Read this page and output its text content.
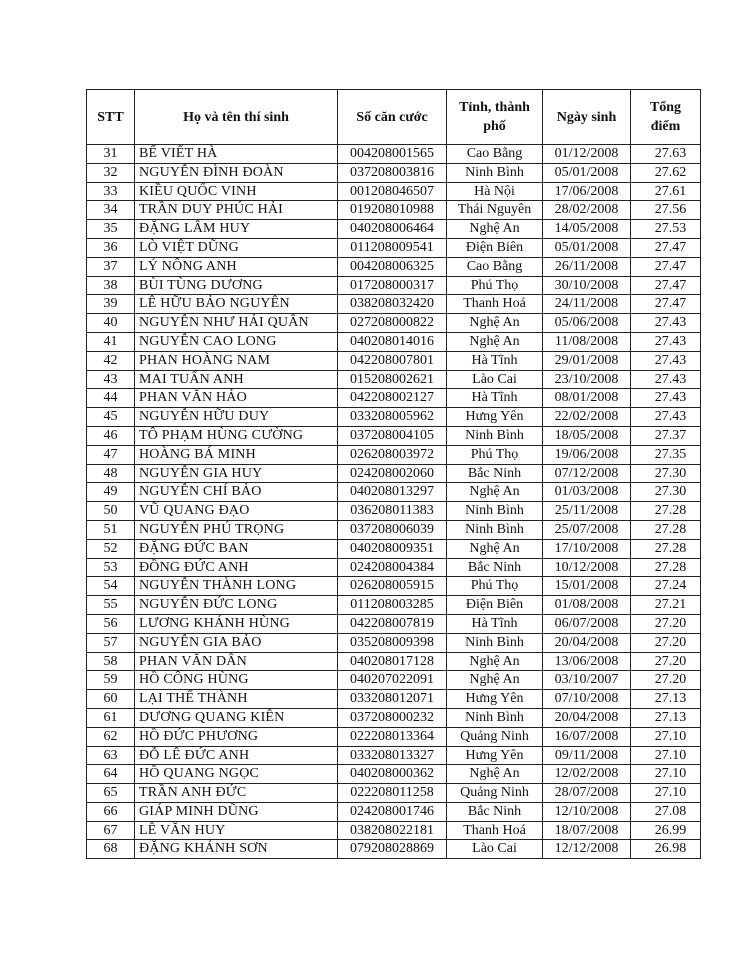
STT	Họ và tên thí sinh	Số căn cước	Tỉnh, thành phố	Ngày sinh	Tổng điểm
31	BẾ VIẾT HÀ	004208001565	Cao Bằng	01/12/2008	27.63
32	NGUYỄN ĐÌNH ĐOÀN	037208003816	Ninh Bình	05/01/2008	27.62
33	KIỀU QUỐC VINH	001208046507	Hà Nội	17/06/2008	27.61
34	TRẦN DUY PHÚC HẢI	019208010988	Thái Nguyên	28/02/2008	27.56
35	ĐẶNG LÂM HUY	040208006464	Nghệ An	14/05/2008	27.53
36	LÒ VIỆT DŨNG	011208009541	Điện Biên	05/01/2008	27.47
37	LÝ NÔNG ANH	004208006325	Cao Bằng	26/11/2008	27.47
38	BÙI TÙNG DƯƠNG	017208000317	Phú Thọ	30/10/2008	27.47
39	LÊ HỮU BẢO NGUYÊN	038208032420	Thanh Hoá	24/11/2008	27.47
40	NGUYỄN NHƯ HẢI QUÂN	027208000822	Nghệ An	05/06/2008	27.43
41	NGUYỄN CAO LONG	040208014016	Nghệ An	11/08/2008	27.43
42	PHAN HOÀNG NAM	042208007801	Hà Tĩnh	29/01/2008	27.43
43	MAI TUẤN ANH	015208002621	Lào Cai	23/10/2008	27.43
44	PHAN VĂN HẢO	042208002127	Hà Tĩnh	08/01/2008	27.43
45	NGUYỄN HỮU DUY	033208005962	Hưng Yên	22/02/2008	27.43
46	TÔ PHẠM HÙNG CƯỜNG	037208004105	Ninh Bình	18/05/2008	27.37
47	HOÀNG BÁ MINH	026208003972	Phú Thọ	19/06/2008	27.35
48	NGUYỄN GIA HUY	024208002060	Bắc Ninh	07/12/2008	27.30
49	NGUYỄN CHÍ BẢO	040208013297	Nghệ An	01/03/2008	27.30
50	VŨ QUANG ĐẠO	036208011383	Ninh Bình	25/11/2008	27.28
51	NGUYỄN PHÚ TRỌNG	037208006039	Ninh Bình	25/07/2008	27.28
52	ĐẶNG ĐỨC BAN	040208009351	Nghệ An	17/10/2008	27.28
53	ĐỒNG ĐỨC ANH	024208004384	Bắc Ninh	10/12/2008	27.28
54	NGUYỄN THÀNH LONG	026208005915	Phú Thọ	15/01/2008	27.24
55	NGUYỄN ĐỨC LONG	011208003285	Điện Biên	01/08/2008	27.21
56	LƯƠNG KHÁNH HÙNG	042208007819	Hà Tĩnh	06/07/2008	27.20
57	NGUYỄN GIA BẢO	035208009398	Ninh Bình	20/04/2008	27.20
58	PHAN VĂN DÂN	040208017128	Nghệ An	13/06/2008	27.20
59	HỒ CÔNG HÙNG	040207022091	Nghệ An	03/10/2007	27.20
60	LẠI THẾ THÀNH	033208012071	Hưng Yên	07/10/2008	27.13
61	DƯƠNG QUANG KIÊN	037208000232	Ninh Bình	20/04/2008	27.13
62	HỒ ĐỨC PHƯƠNG	022208013364	Quảng Ninh	16/07/2008	27.10
63	ĐỖ LÊ ĐỨC ANH	033208013327	Hưng Yên	09/11/2008	27.10
64	HỒ QUANG NGỌC	040208000362	Nghệ An	12/02/2008	27.10
65	TRẦN ANH ĐỨC	022208011258	Quảng Ninh	28/07/2008	27.10
66	GIÁP MINH DŨNG	024208001746	Bắc Ninh	12/10/2008	27.08
67	LÊ VĂN HUY	038208022181	Thanh Hoá	18/07/2008	26.99
68	ĐẶNG KHÁNH SƠN	079208028869	Lào Cai	12/12/2008	26.98
